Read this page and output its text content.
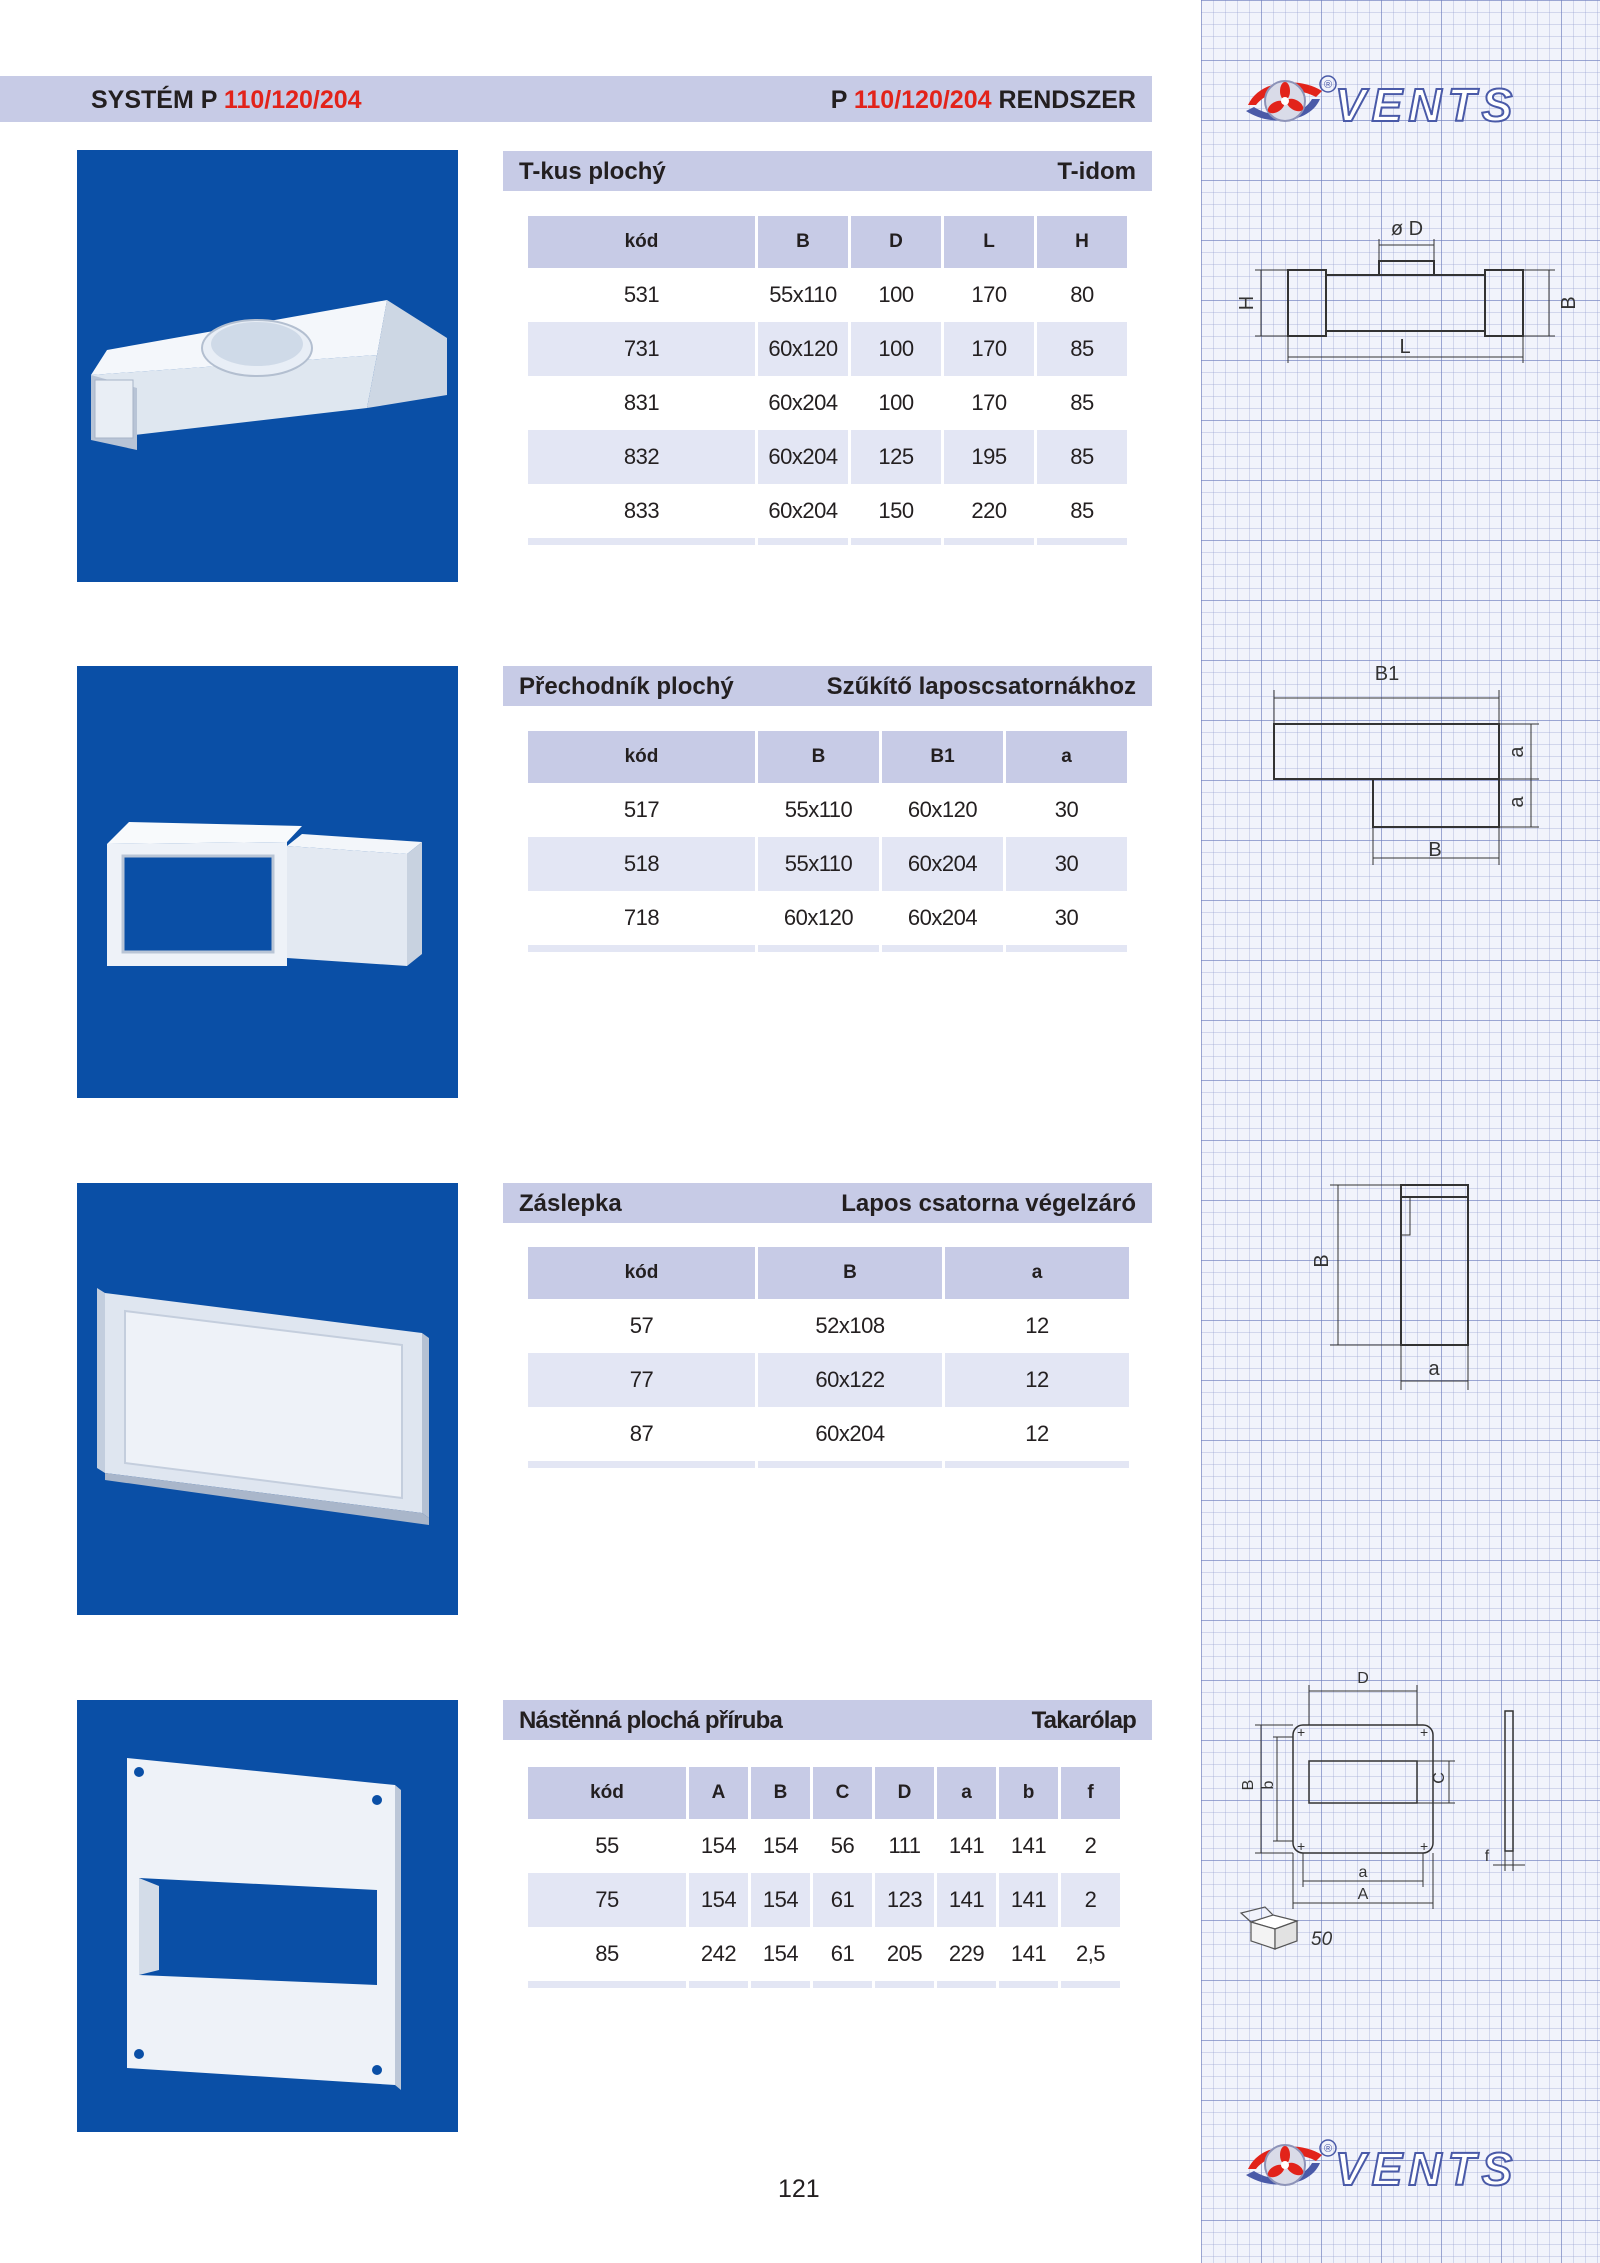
SYSTÉM P 110/120/204	P 110/120/204 RENDSZER
® VENTS
T-kus plochý	T-idom
kód	B	D	L	H
531	55x110	100	170	80
731	60x120	100	170	85
831	60x204	100	170	85
832	60x204	125	195	85
833	60x204	150	220	85

ø D
H
L
B
Přechodník plochý	Szűkítő laposcsatornákhoz
kód	B	B1	a
517	55x110	60x120	30
518	55x110	60x204	30
718	60x120	60x204	30

B1
a
a
B
Záslepka	Lapos csatorna végelzáró
kód	B	a
57	52x108	12
77	60x122	12
87	60x204	12

B
a
Nástěnná plochá příruba	Takarólap
kód	A	B	C	D	a	b	f
55	154	154	56	111	141	141	2
75	154	154	61	123	141	141	2
85	242	154	61	205	229	141	2,5

+	+
+	+
D
B b
C
a
A
f
50
® VENTS
121
